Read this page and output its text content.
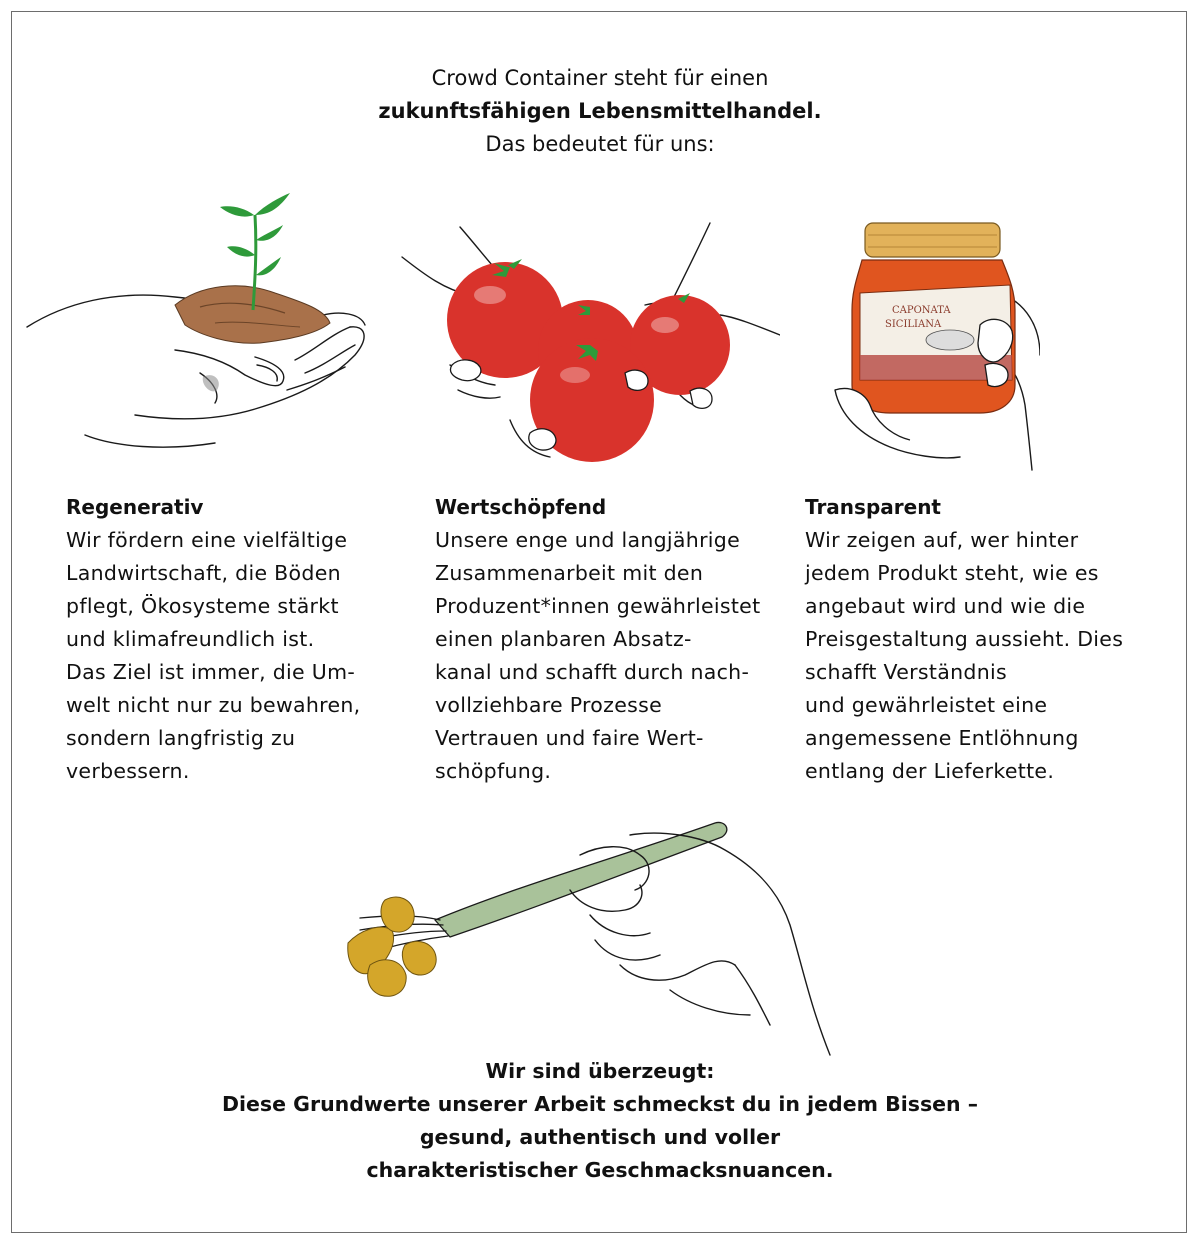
Crowd Container steht für einen
zukunftsfähigen Lebensmittelhandel.
Das bedeutet für uns:
CAPONATA
SICILIANA
Regenerativ

Wir fördern eine vielfältige
Landwirtschaft, die Böden
pflegt, Ökosysteme stärkt
und klimafreundlich ist.
Das Ziel ist immer, die Um-
welt nicht nur zu bewahren,
sondern langfristig zu
verbessern.

Wertschöpfend

Unsere enge und langjährige
Zusammenarbeit mit den
Produzent*innen gewährleistet
einen planbaren Absatz-
kanal und schafft durch nach-
vollziehbare Prozesse
Vertrauen und faire Wert-
schöpfung.

Transparent

Wir zeigen auf, wer hinter
jedem Produkt steht, wie es
angebaut wird und wie die
Preisgestaltung aussieht. Dies
schafft Verständnis
und gewährleistet eine
angemessene Entlöhnung
entlang der Lieferkette.

Wir sind überzeugt:
Diese Grundwerte unserer Arbeit schmeckst du in jedem Bissen –
gesund, authentisch und voller
charakteristischer Geschmacksnuancen.
